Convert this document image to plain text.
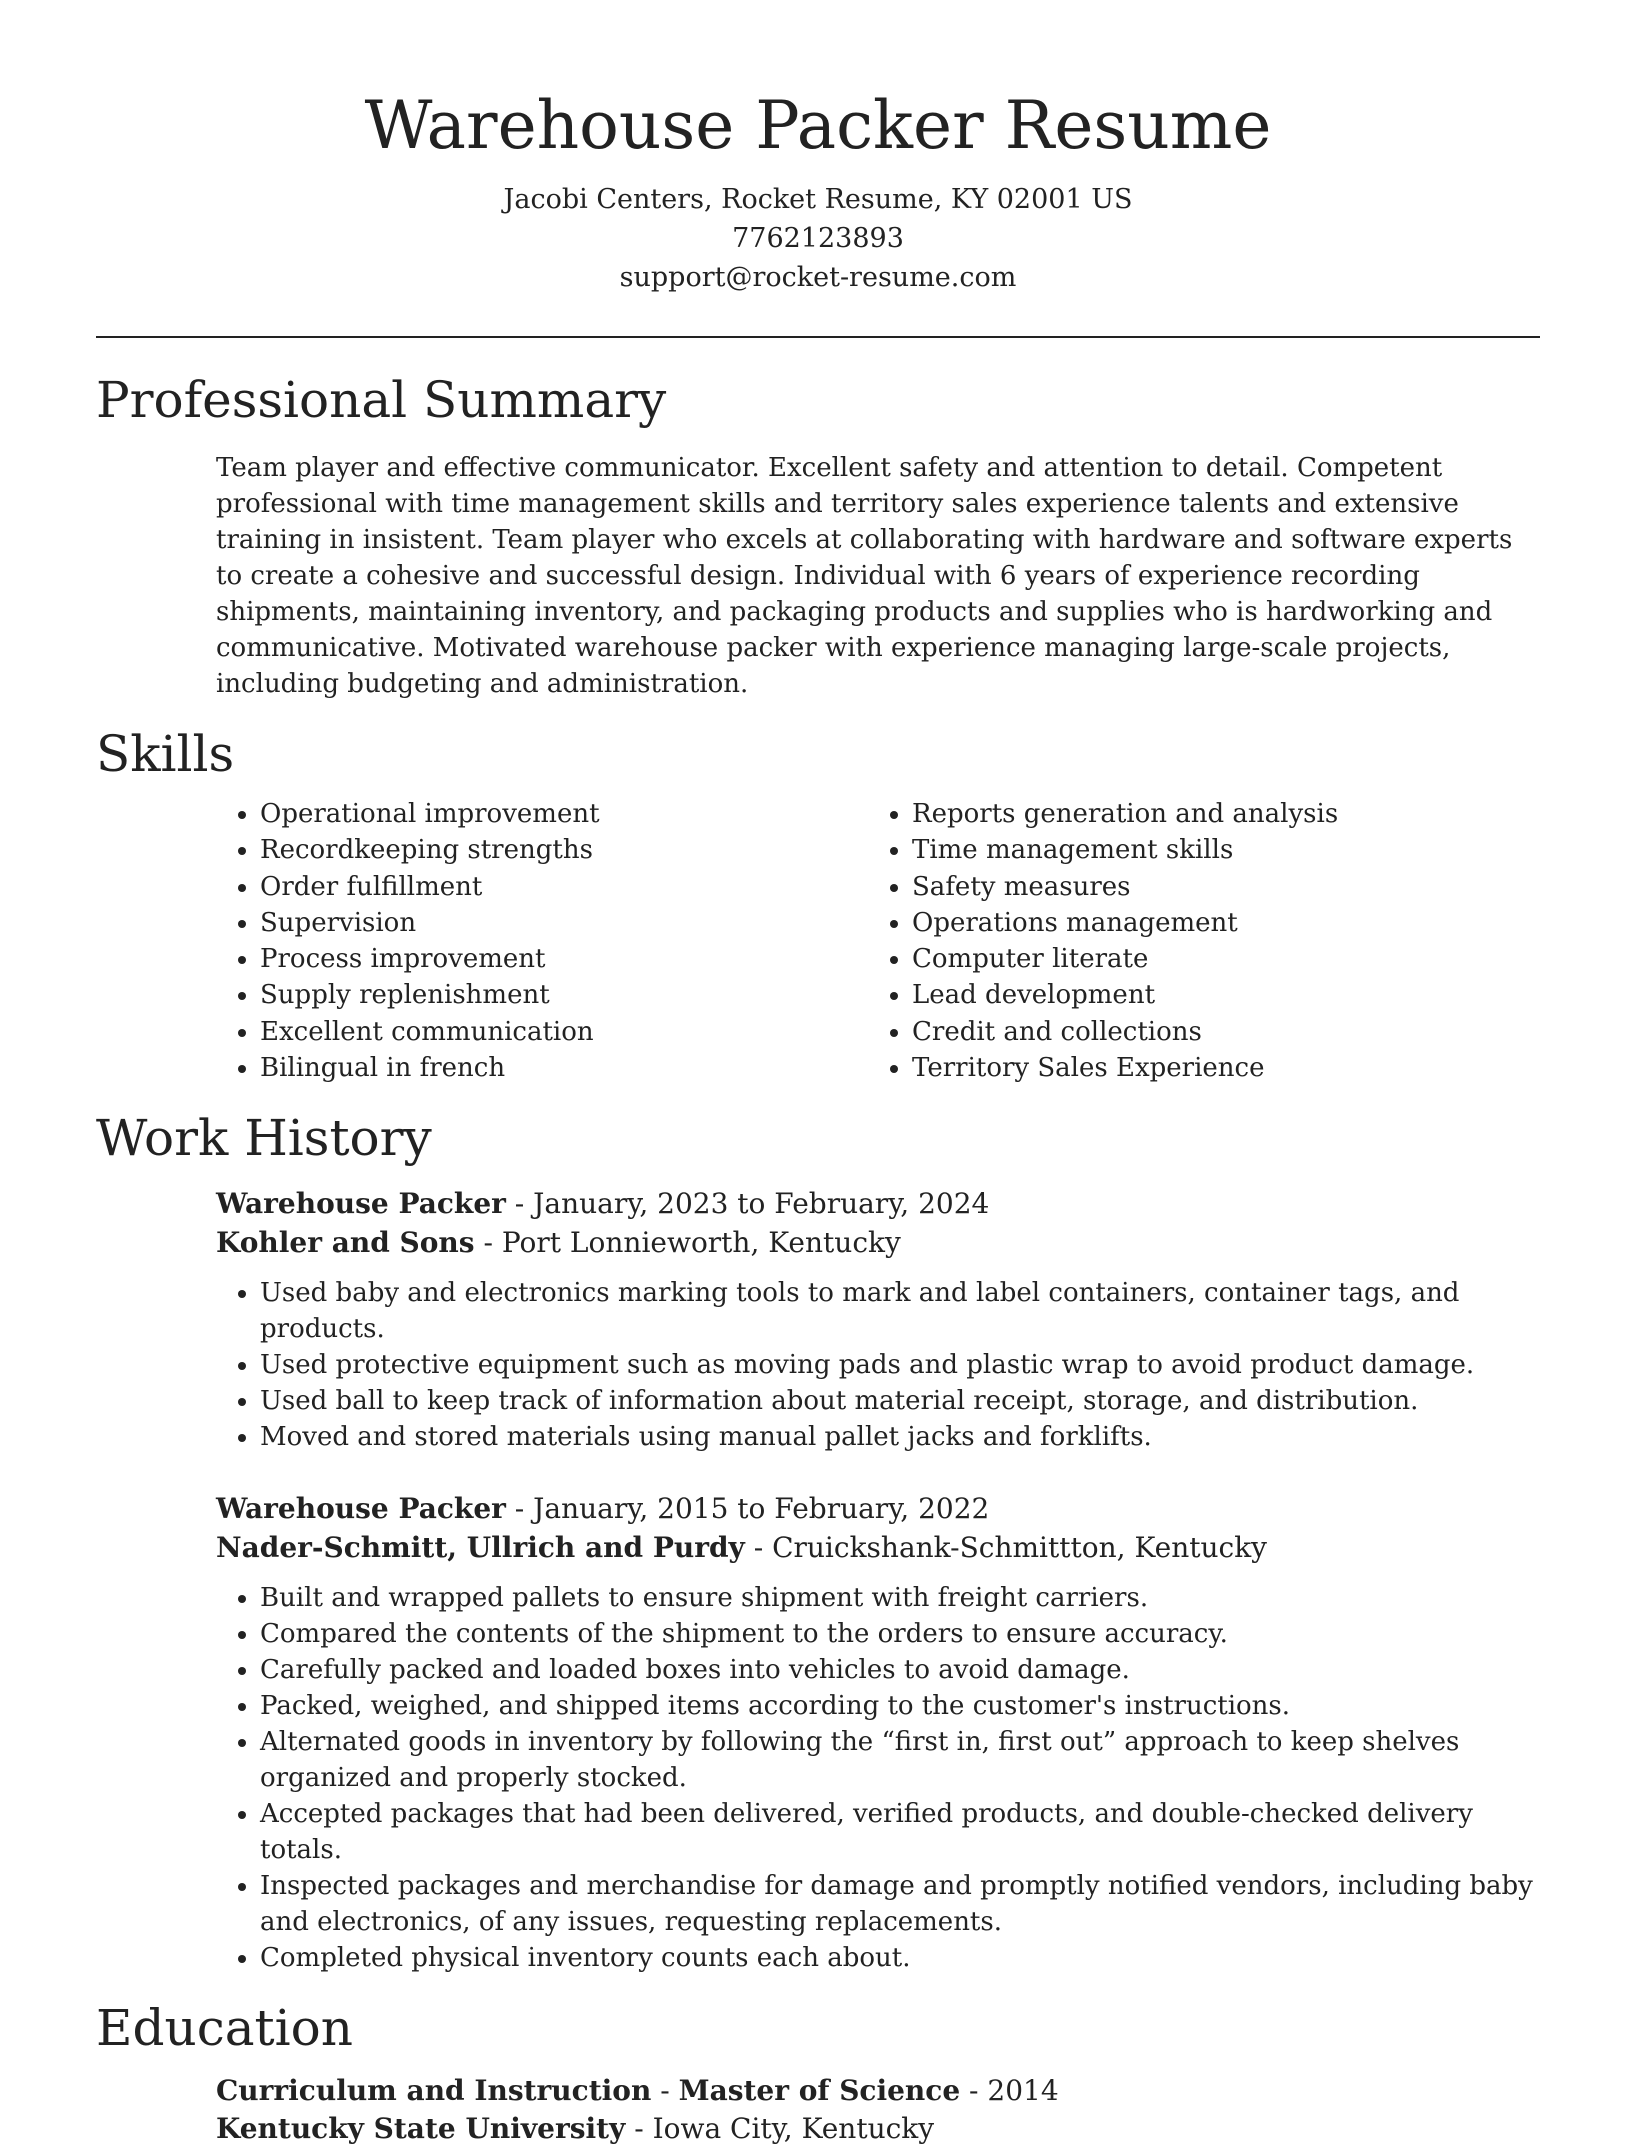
Warehouse Packer Resume

Jacobi Centers, Rocket Resume, KY 02001 US

7762123893

support@rocket-resume.com

Professional Summary

Team player and effective communicator. Excellent safety and attention to detail. Competent professional with time management skills and territory sales experience talents and extensive training in insistent. Team player who excels at collaborating with hardware and software experts to create a cohesive and successful design. Individual with 6 years of experience recording shipments, maintaining inventory, and packaging products and supplies who is hardworking and communicative. Motivated warehouse packer with experience managing large-scale projects, including budgeting and administration.

Skills
• Operational improvement
• Recordkeeping strengths
• Order fulfillment
• Supervision
• Process improvement
• Supply replenishment
• Excellent communication
• Bilingual in french
• Reports generation and analysis
• Time management skills
• Safety measures
• Operations management
• Computer literate
• Lead development
• Credit and collections
• Territory Sales Experience
Work History

Warehouse Packer - January, 2023 to February, 2024

Kohler and Sons - Port Lonnieworth, Kentucky

• Used baby and electronics marking tools to mark and label containers, container tags, and products.
• Used protective equipment such as moving pads and plastic wrap to avoid product damage.
• Used ball to keep track of information about material receipt, storage, and distribution.
• Moved and stored materials using manual pallet jacks and forklifts.

Warehouse Packer - January, 2015 to February, 2022

Nader-Schmitt, Ullrich and Purdy - Cruickshank-Schmittton, Kentucky

• Built and wrapped pallets to ensure shipment with freight carriers.
• Compared the contents of the shipment to the orders to ensure accuracy.
• Carefully packed and loaded boxes into vehicles to avoid damage.
• Packed, weighed, and shipped items according to the customer's instructions.
• Alternated goods in inventory by following the “first in, first out” approach to keep shelves organized and properly stocked.
• Accepted packages that had been delivered, verified products, and double-checked delivery totals.
• Inspected packages and merchandise for damage and promptly notified vendors, including baby and electronics, of any issues, requesting replacements.
• Completed physical inventory counts each about.
Education

Curriculum and Instruction - Master of Science - 2014

Kentucky State University - Iowa City, Kentucky
